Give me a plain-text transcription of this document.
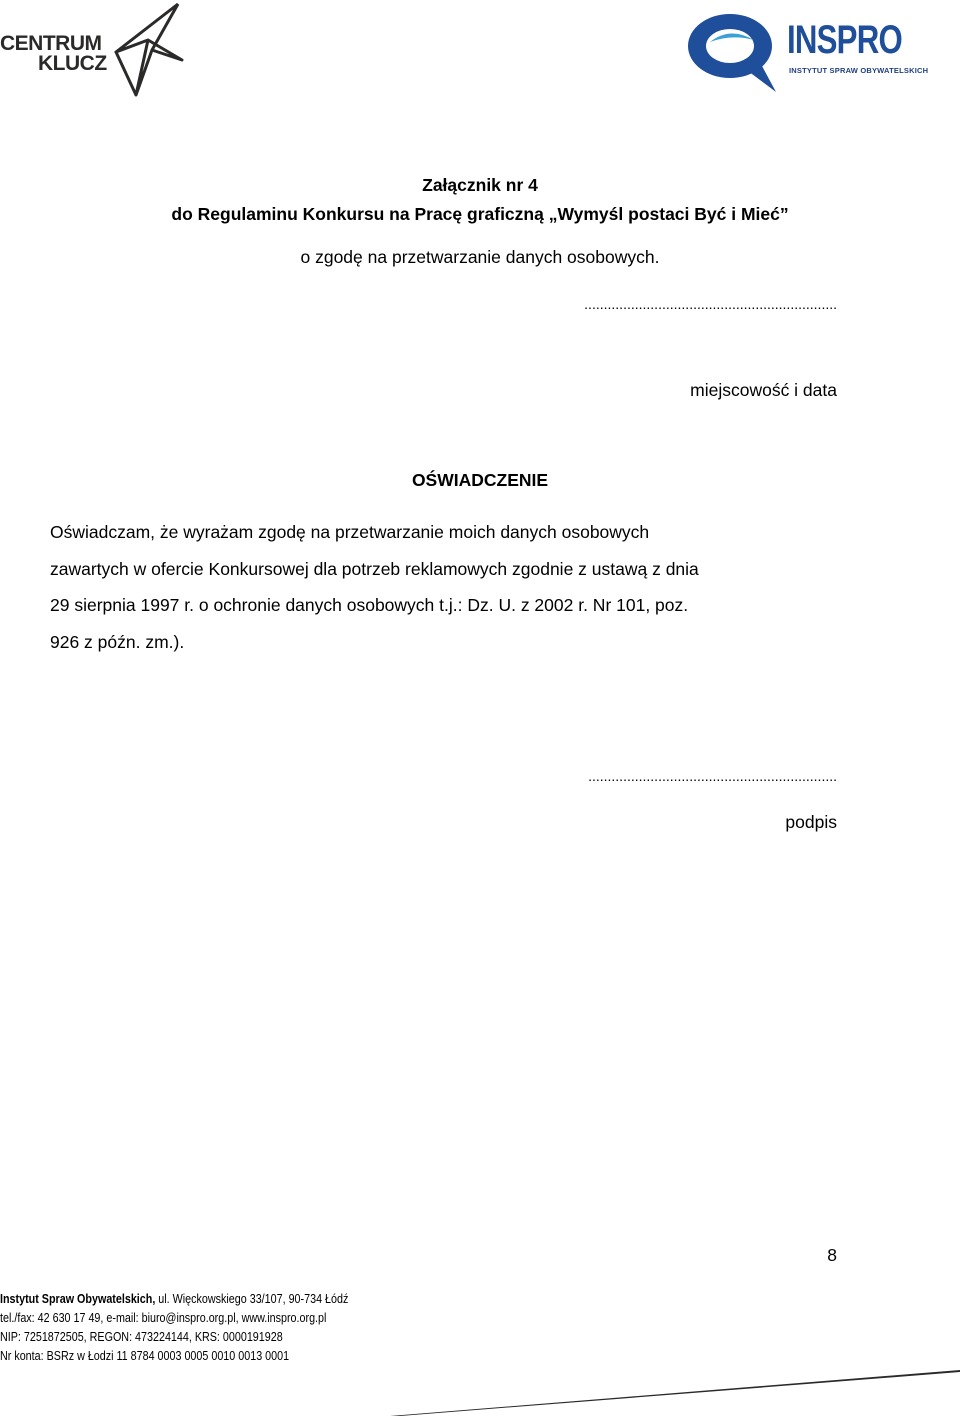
CENTRUM
KLUCZ
INSPRO
INSTYTUT SPRAW OBYWATELSKICH
Załącznik nr 4
do Regulaminu Konkursu na Pracę graficzną „Wymyśl postaci Być i Mieć”
o zgodę na przetwarzanie danych osobowych.
.................................................................
miejscowość i data
OŚWIADCZENIE
Oświadczam, że wyrażam zgodę na przetwarzanie moich danych osobowych
zawartych w ofercie Konkursowej dla potrzeb reklamowych zgodnie z ustawą z dnia
29 sierpnia 1997 r. o ochronie danych osobowych t.j.: Dz. U. z 2002 r. Nr 101, poz.
926 z późn. zm.).
................................................................
podpis
8
Instytut Spraw Obywatelskich, ul. Więckowskiego 33/107, 90-734 Łódź
tel./fax: 42 630 17 49, e-mail: biuro@inspro.org.pl, www.inspro.org.pl
NIP: 7251872505, REGON: 473224144, KRS: 0000191928
Nr konta: BSRz w Łodzi 11 8784 0003 0005 0010 0013 0001
